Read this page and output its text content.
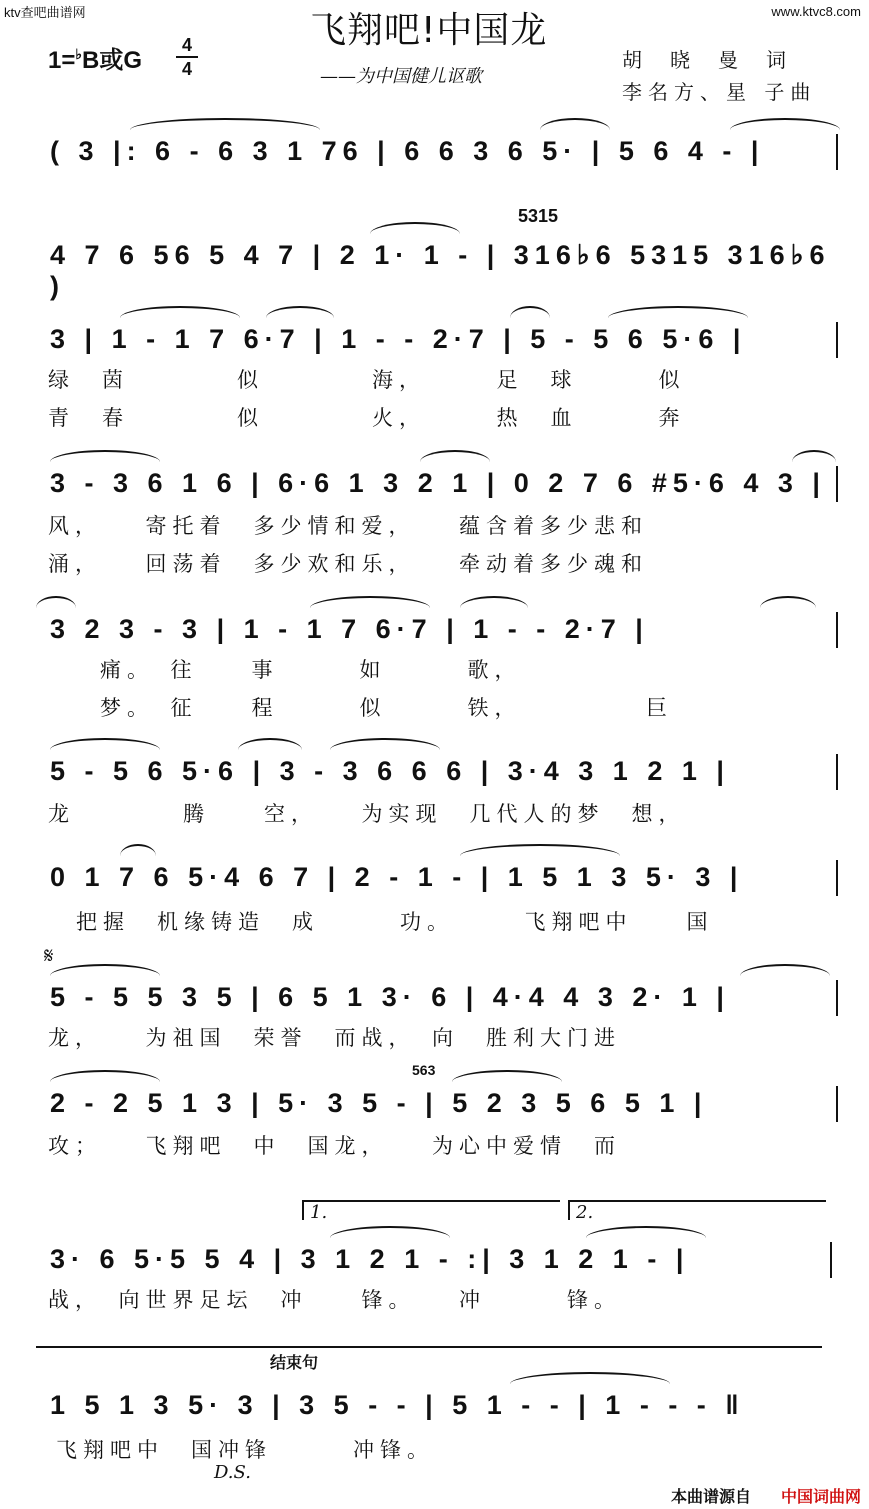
ktv查吧曲谱网	www.ktvc8.com
飞翔吧!中国龙
——为中国健儿讴歌
1=♭B或G
4
4	胡晓曼词
李名方、星 子曲
( 3 |: 6 - 6 3 1 76 | 6 6 3 6 5· | 5 6 4 - |
5315
4 7 6 56 5 4 7 | 2 1· 1 - | 316♭6 5315 316♭6 )
3 | 1 - 1 7 6·7 | 1 - - 2·7 | 5 - 5 6 5·6 |
绿　茵　　　　似　　　　海，　　　足　球　　　似
青　春　　　　似　　　　火，　　　热　血　　　奔
3 - 3 6 1 6 | 6·6 1 3 2 1 | 0 2 7 6 #5·6 4 3 |
风，　　寄托着　多少情和爱，　　蕴含着多少悲和
涌，　　回荡着　多少欢和乐，　　牵动着多少魂和
3 2 3 - 3 | 1 - 1 7 6·7 | 1 - - 2·7 |
痛。　往　　事　　　如　　　歌，
梦。　征　　程　　　似　　　铁，　　　　　巨
5 - 5 6 5·6 | 3 - 3 6 6 6 | 3·4 3 1 2 1 |
龙　　　　腾　　空，　　为实现　几代人的梦　想，
0 1 7 6 5·4 6 7 | 2 - 1 - | 1 5 1 3 5· 3 |
把握　机缘铸造　成　　　功。　　　飞翔吧中　　国
𝄋
5 - 5 5 3 5 | 6 5 1 3· 6 | 4·4 4 3 2· 1 |
龙，　　为祖国　荣誉　而战，　向　胜利大门进
563
2 - 2 5 1 3 | 5· 3 5 - | 5 2 3 5 6 5 1 |
攻；　　飞翔吧　中　国龙，　　为心中爱情　而
1.	2.
3· 6 5·5 5 4 | 3 1 2 1 - :| 3 1 2 1 - |
战，　向世界足坛　冲　　锋。　　冲　　　锋。
结束句
1 5 1 3 5· 3 | 3 5 - - | 5 1 - - | 1 - - - ‖
飞翔吧中　国冲锋　　　冲锋。
D.S.
本曲谱源自 中国词曲网
